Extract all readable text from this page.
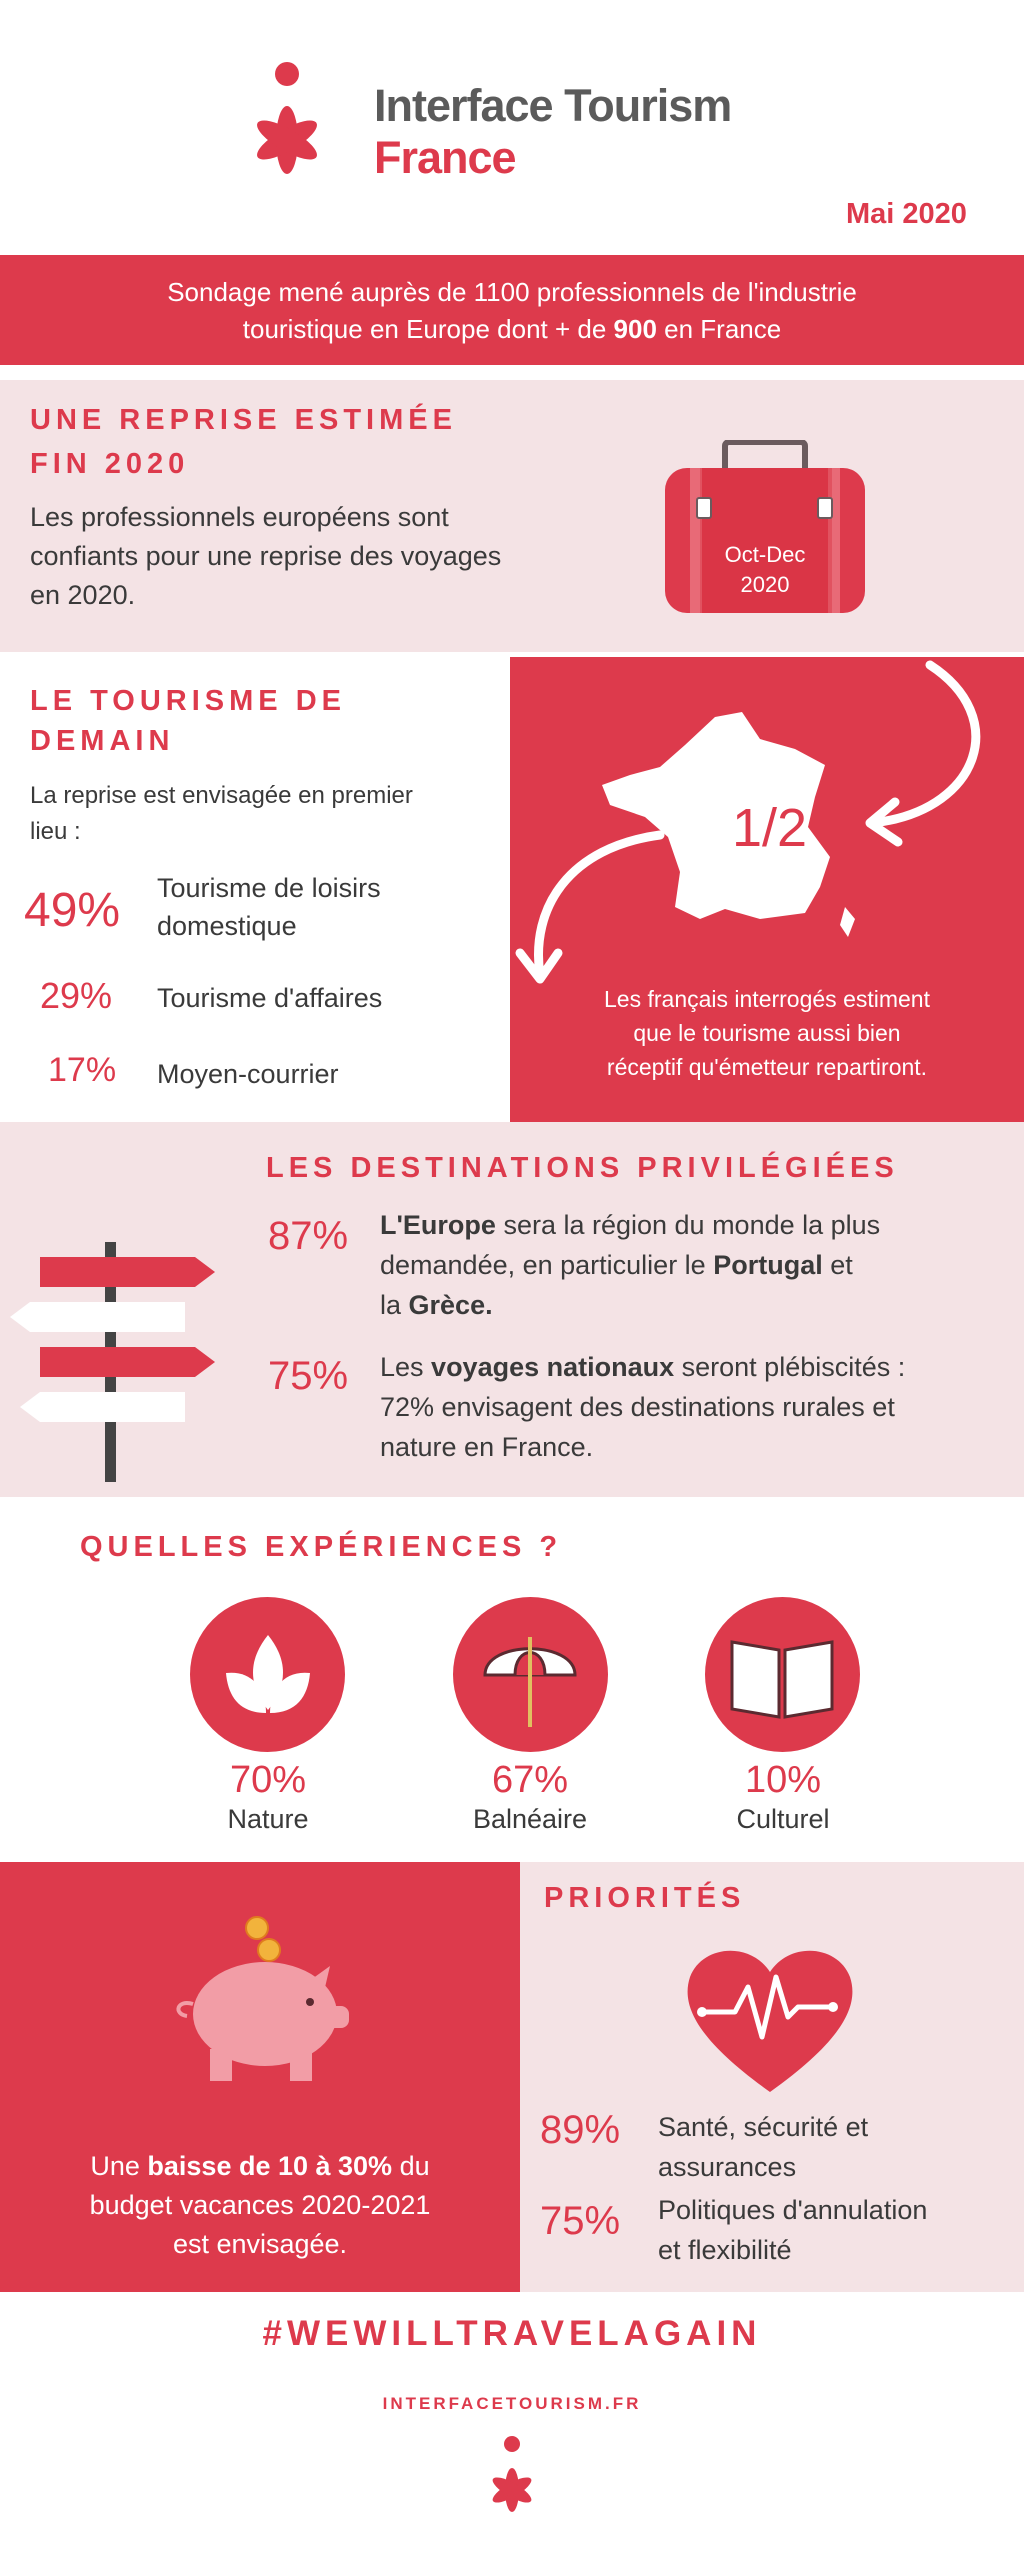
Interface Tourism
France
Mai 2020
Sondage mené auprès de 1100 professionnels de l'industrie
touristique en Europe dont + de 900 en France
UNE REPRISE ESTIMÉE
FIN 2020
Les professionnels européens sont
confiants pour une reprise des voyages
en 2020.
Oct-Dec
2020
LE TOURISME DE
DEMAIN
La reprise est envisagée en premier
lieu :
49% Tourisme de loisirs
domestique
29% Tourisme d'affaires
17% Moyen-courrier
1/2
Les français interrogés estiment
que le tourisme aussi bien
réceptif qu'émetteur repartiront.
LES DESTINATIONS PRIVILÉGIÉES
87% L'Europe sera la région du monde la plus
demandée, en particulier le Portugal et
la Grèce.
75% Les voyages nationaux seront plébiscités :
72% envisagent des destinations rurales et
nature en France.
QUELLES EXPÉRIENCES ?
70%
Nature
67%
Balnéaire
10%
Culturel
Une baisse de 10 à 30% du
budget vacances 2020-2021
est envisagée.
PRIORITÉS
89% Santé, sécurité et
assurances
75% Politiques d'annulation
et flexibilité
#WEWILLTRAVELAGAIN
INTERFACETOURISM.FR
